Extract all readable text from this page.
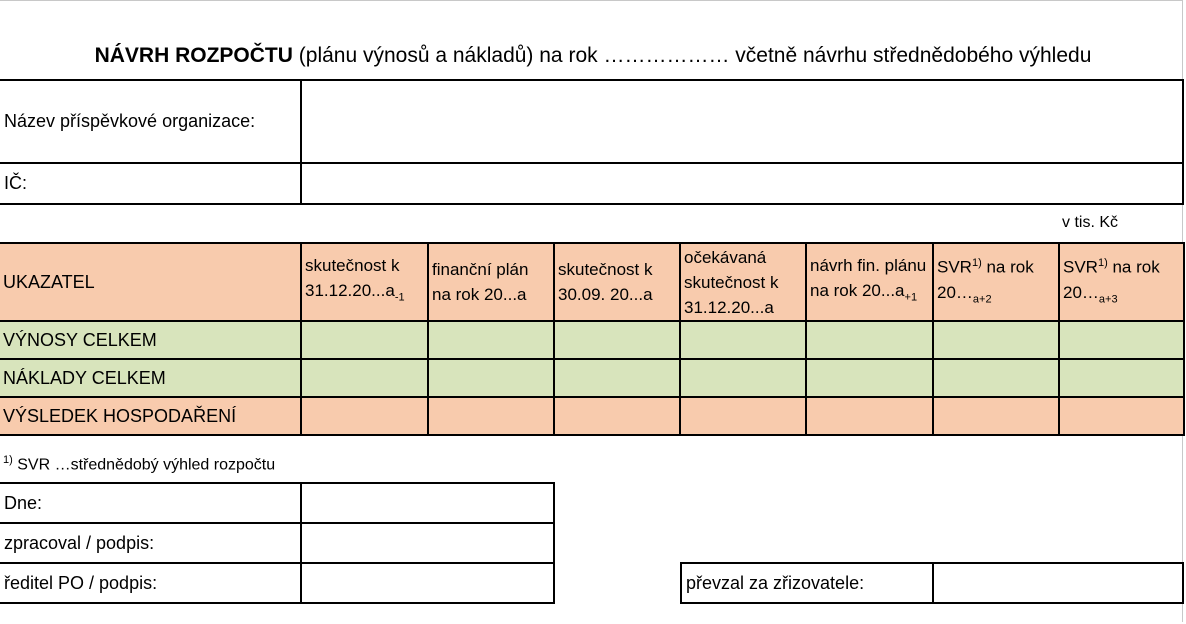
NÁVRH ROZPOČTU (plánu výnosů a nákladů) na rok ……………… včetně návrhu střednědobého výhledu
Název příspěvkové organizace:
IČ:
v tis. Kč
UKAZATEL	skutečnost k $31.12.20...a_{-1}$	finanční plán na rok 20...a	skutečnost k 30.09. 20...a	očekávaná skutečnost k 31.12.20...a	návrh fin. plánu na rok $20...a_{+1}$	SVR$^{1)}$ na rok $20\dots_{a+2}$	SVR$^{1)}$ na rok $20\dots_{a+3}$
VÝNOSY CELKEM							
NÁKLADY CELKEM							
VÝSLEDEK HOSPODAŘENÍ							
$^{1)}$ SVR …střednědobý výhled rozpočtu
Dne:
zpracoval / podpis:
ředitel PO / podpis:	převzal za zřizovatele:
